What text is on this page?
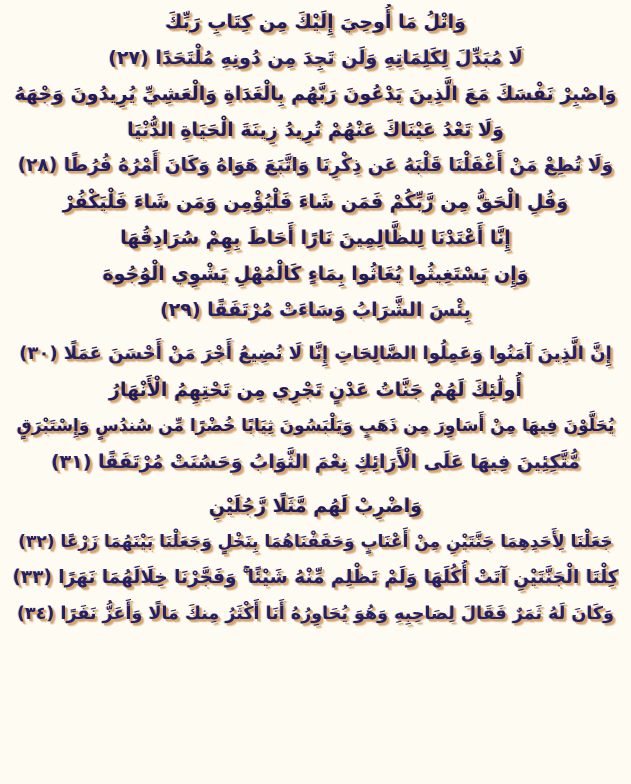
وَاتْلُ مَا أُوحِيَ إِلَيْكَ مِن كِتَابِ رَبِّكَ
لَا مُبَدِّلَ لِكَلِمَاتِهِ وَلَن تَجِدَ مِن دُونِهِ مُلْتَحَدًا (٢٧)
وَاصْبِرْ نَفْسَكَ مَعَ الَّذِينَ يَدْعُونَ رَبَّهُم بِالْغَدَاةِ وَالْعَشِيِّ يُرِيدُونَ وَجْهَهُ
وَلَا تَعْدُ عَيْنَاكَ عَنْهُمْ تُرِيدُ زِينَةَ الْحَيَاةِ الدُّنْيَا
وَلَا تُطِعْ مَنْ أَغْفَلْنَا قَلْبَهُ عَن ذِكْرِنَا وَاتَّبَعَ هَوَاهُ وَكَانَ أَمْرُهُ فُرُطًا (٢٨)
وَقُلِ الْحَقُّ مِن رَّبِّكُمْ فَمَن شَاءَ فَلْيُؤْمِن وَمَن شَاءَ فَلْيَكْفُرْ
إِنَّا أَعْتَدْنَا لِلظَّالِمِينَ نَارًا أَحَاطَ بِهِمْ سُرَادِقُهَا
وَإِن يَسْتَغِيثُوا يُغَاثُوا بِمَاءٍ كَالْمُهْلِ يَشْوِي الْوُجُوهَ
بِئْسَ الشَّرَابُ وَسَاءَتْ مُرْتَفَقًا (٢٩)
إِنَّ الَّذِينَ آمَنُوا وَعَمِلُوا الصَّالِحَاتِ إِنَّا لَا نُضِيعُ أَجْرَ مَنْ أَحْسَنَ عَمَلًا (٣٠)
أُولَٰئِكَ لَهُمْ جَنَّاتُ عَدْنٍ تَجْرِي مِن تَحْتِهِمُ الْأَنْهَارُ
يُحَلَّوْنَ فِيهَا مِنْ أَسَاوِرَ مِن ذَهَبٍ وَيَلْبَسُونَ ثِيَابًا خُضْرًا مِّن سُندُسٍ وَإِسْتَبْرَقٍ
مُّتَّكِئِينَ فِيهَا عَلَى الْأَرَائِكِ نِعْمَ الثَّوَابُ وَحَسُنَتْ مُرْتَفَقًا (٣١)
وَاضْرِبْ لَهُم مَّثَلًا رَّجُلَيْنِ
جَعَلْنَا لِأَحَدِهِمَا جَنَّتَيْنِ مِنْ أَعْنَابٍ وَحَفَفْنَاهُمَا بِنَخْلٍ وَجَعَلْنَا بَيْنَهُمَا زَرْعًا (٣٢)
كِلْتَا الْجَنَّتَيْنِ آتَتْ أُكُلَهَا وَلَمْ تَظْلِم مِّنْهُ شَيْئًا ۚ وَفَجَّرْنَا خِلَالَهُمَا نَهَرًا (٣٣)
وَكَانَ لَهُ ثَمَرٌ فَقَالَ لِصَاحِبِهِ وَهُوَ يُحَاوِرُهُ أَنَا أَكْثَرُ مِنكَ مَالًا وَأَعَزُّ نَفَرًا (٣٤)
